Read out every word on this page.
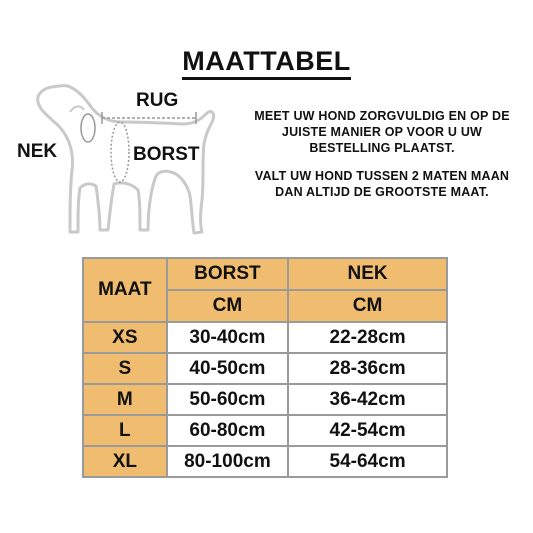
MAATTABEL
RUG
NEK	BORST

MEET UW HOND ZORGVULDIG EN OP DE JUISTE MANIER OP VOOR U UW BESTELLING PLAATST.

VALT UW HOND TUSSEN 2 MATEN MAAN DAN ALTIJD DE GROOTSTE MAAT.

MAAT	BORST	NEK
	CM	CM
XS	30-40cm	22-28cm
S	40-50cm	28-36cm
M	50-60cm	36-42cm
L	60-80cm	42-54cm
XL	80-100cm	54-64cm
